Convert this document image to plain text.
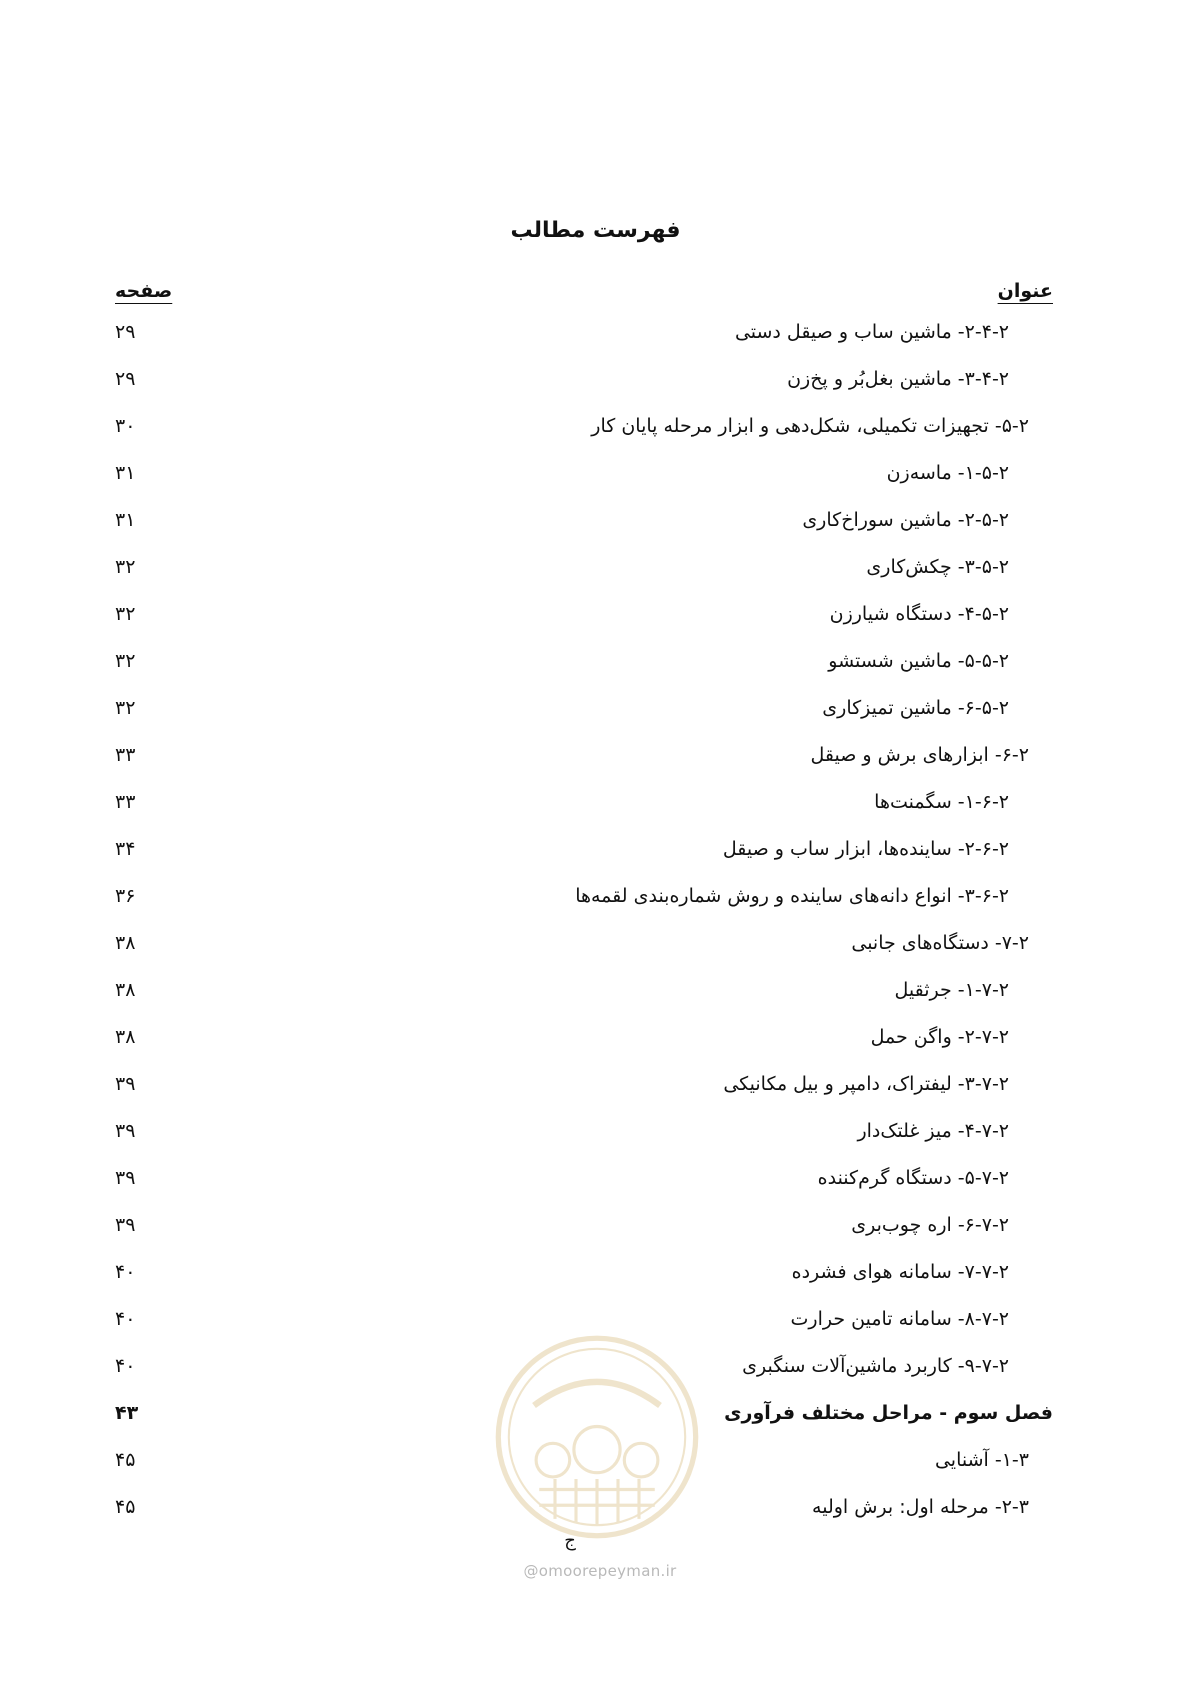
فهرست مطالب
عنوان
صفحه
۲-۴-۲- ماشین ساب و صیقل دستی
۲۹
۳-۴-۲- ماشین بغل‌بُر و پخ‌زن
۲۹
۵-۲- تجهیزات تکمیلی، شکل‌دهی و ابزار مرحله پایان کار
۳۰
۱-۵-۲- ماسه‌زن
۳۱
۲-۵-۲- ماشین سوراخ‌کاری
۳۱
۳-۵-۲- چکش‌کاری
۳۲
۴-۵-۲- دستگاه شیارزن
۳۲
۵-۵-۲- ماشین شستشو
۳۲
۶-۵-۲- ماشین تمیزکاری
۳۲
۶-۲- ابزارهای برش و صیقل
۳۳
۱-۶-۲- سگمنت‌ها
۳۳
۲-۶-۲- ساینده‌ها، ابزار ساب و صیقل
۳۴
۳-۶-۲- انواع دانه‌های ساینده و روش شماره‌بندی لقمه‌ها
۳۶
۷-۲- دستگاه‌های جانبی
۳۸
۱-۷-۲- جرثقیل
۳۸
۲-۷-۲- واگن حمل
۳۸
۳-۷-۲- لیفتراک، دامپر و بیل مکانیکی
۳۹
۴-۷-۲- میز غلتک‌دار
۳۹
۵-۷-۲- دستگاه گرم‌کننده
۳۹
۶-۷-۲- اره چوب‌بری
۳۹
۷-۷-۲- سامانه هوای فشرده
۴۰
۸-۷-۲- سامانه تامین حرارت
۴۰
۹-۷-۲- کاربرد ماشین‌آلات سنگبری
۴۰
فصل سوم - مراحل مختلف فرآوری
۴۳
۱-۳- آشنایی
۴۵
۲-۳- مرحله اول: برش اولیه
۴۵
@omoorepeyman.ir
ج
